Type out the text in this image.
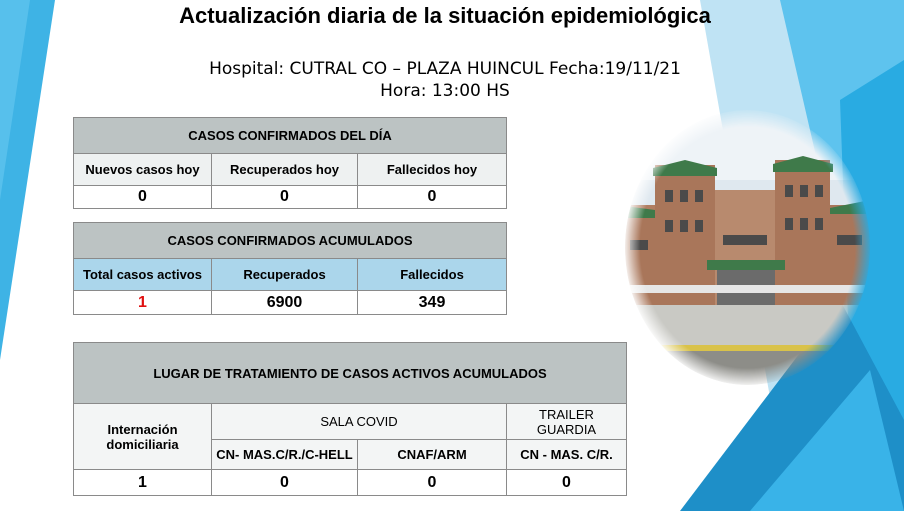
Actualización diaria de la situación epidemiológica
Hospital: CUTRAL CO – PLAZA HUINCUL Fecha:19/11/21
Hora: 13:00 HS
CASOS CONFIRMADOS DEL DÍA		
Nuevos casos hoy	Recuperados hoy	Fallecidos hoy
0	0	0
CASOS CONFIRMADOS ACUMULADOS		
Total casos activos	Recuperados	Fallecidos
1	6900	349
LUGAR DE TRATAMIENTO DE CASOS ACTIVOS ACUMULADOS			
Internación domiciliaria	SALA COVID		TRAILER GUARDIA
	CN- MAS.C/R./C-HELL	CNAF/ARM	CN - MAS. C/R.
1	0	0	0
